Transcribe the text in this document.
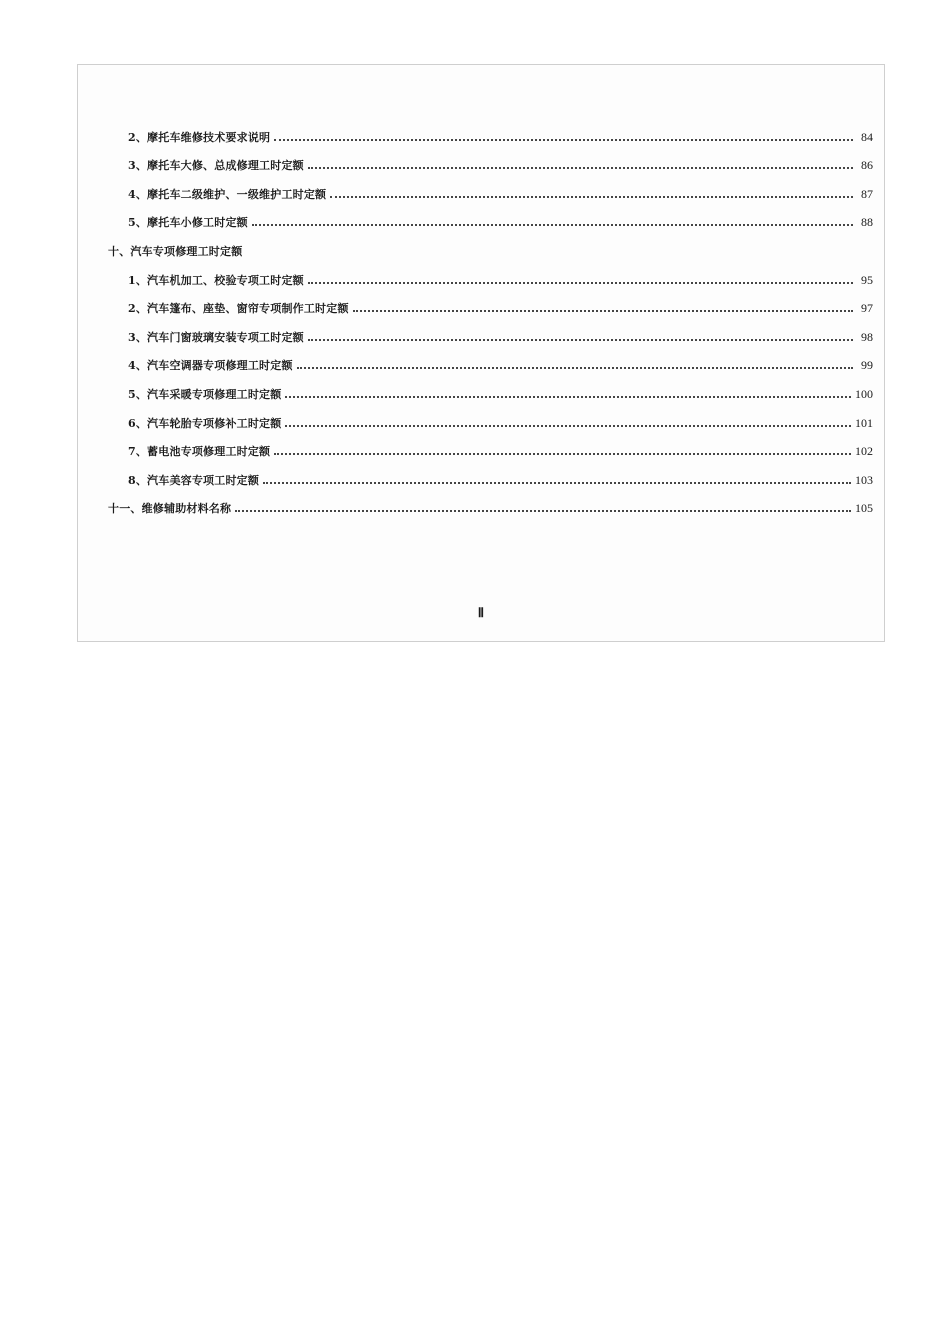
2、摩托车维修技术要求说明	84
3、摩托车大修、总成修理工时定额	86
4、摩托车二级维护、一级维护工时定额	87
5、摩托车小修工时定额	88
十、汽车专项修理工时定额
1、汽车机加工、校验专项工时定额	95
2、汽车篷布、座垫、窗帘专项制作工时定额	97
3、汽车门窗玻璃安装专项工时定额	98
4、汽车空调器专项修理工时定额	99
5、汽车采暖专项修理工时定额	100
6、汽车轮胎专项修补工时定额	101
7、蓄电池专项修理工时定额	102
8、汽车美容专项工时定额	103
十一、维修辅助材料名称	105
Ⅱ
